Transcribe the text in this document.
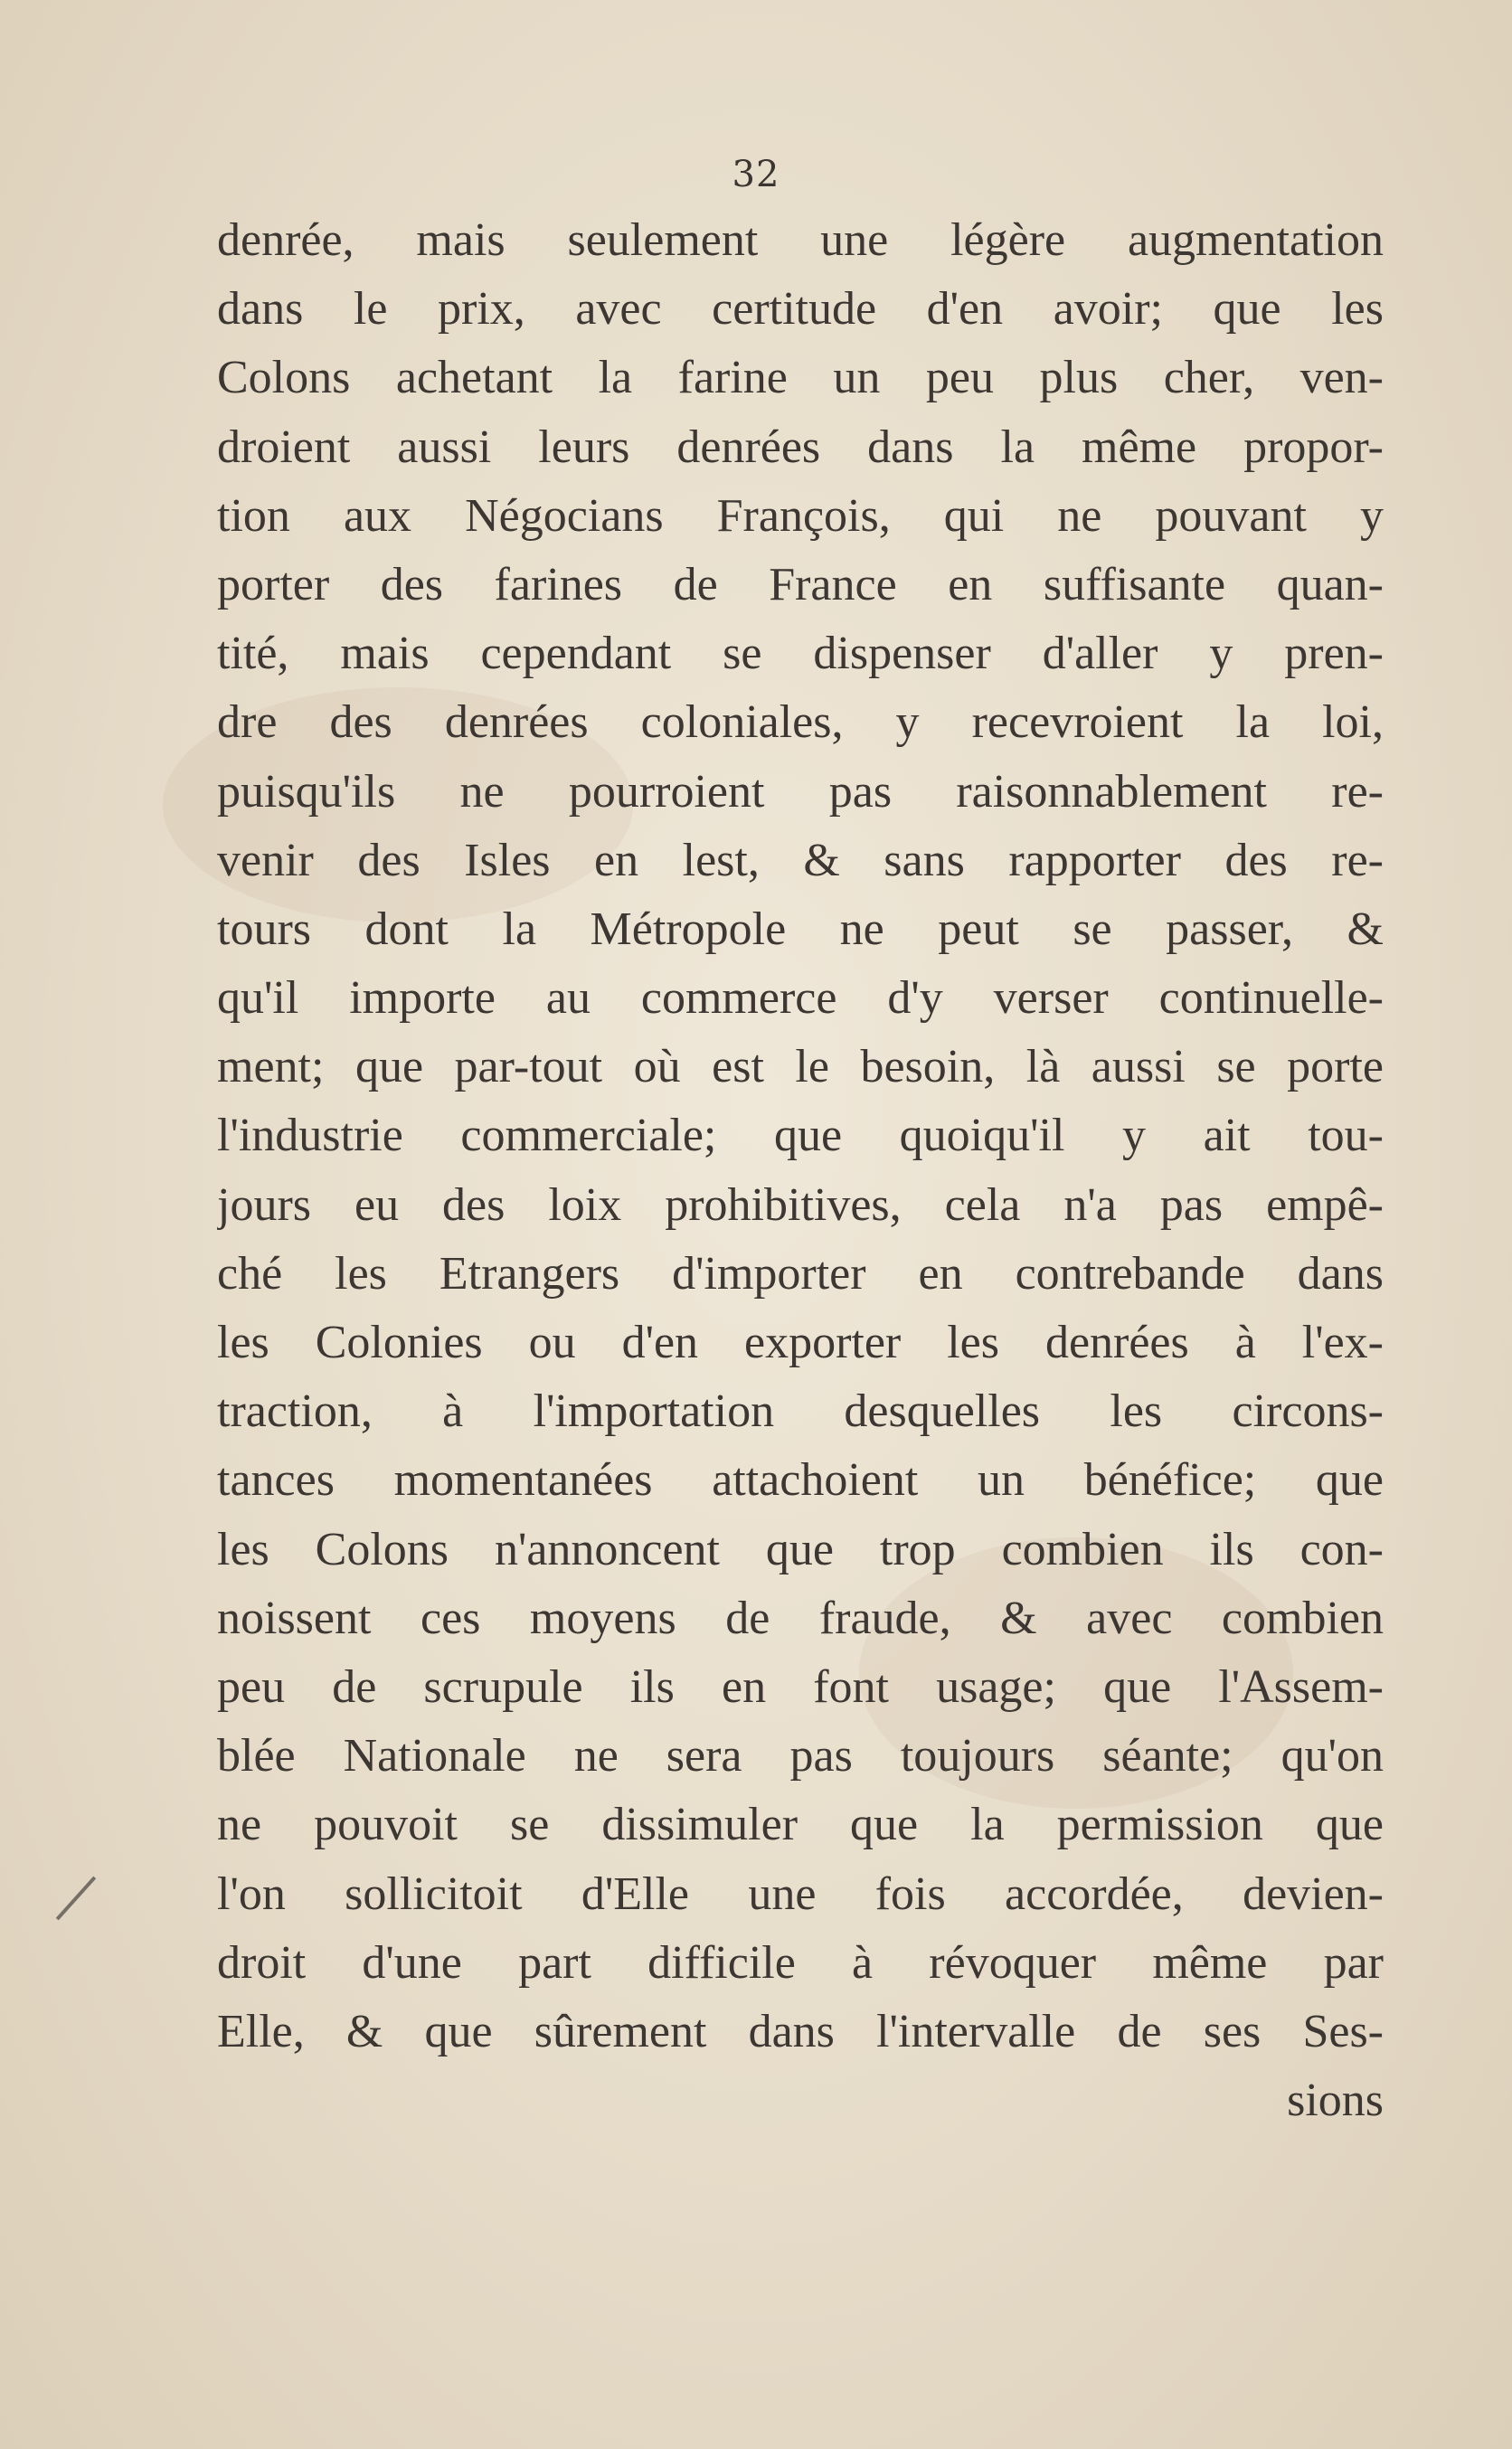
32
denrée, mais seulement une légère augmentation
dans le prix, avec certitude d'en avoir; que les
Colons achetant la farine un peu plus cher, ven-
droient aussi leurs denrées dans la même propor-
tion aux Négocians François, qui ne pouvant y
porter des farines de France en suffisante quan-
tité, mais cependant se dispenser d'aller y pren-
dre des denrées coloniales, y recevroient la loi,
puisqu'ils ne pourroient pas raisonnablement re-
venir des Isles en lest, & sans rapporter des re-
tours dont la Métropole ne peut se passer, &
qu'il importe au commerce d'y verser continuelle-
ment; que par-tout où est le besoin, là aussi se porte
l'industrie commerciale; que quoiqu'il y ait tou-
jours eu des loix prohibitives, cela n'a pas empê-
ché les Etrangers d'importer en contrebande dans
les Colonies ou d'en exporter les denrées à l'ex-
traction, à l'importation desquelles les circons-
tances momentanées attachoient un bénéfice; que
les Colons n'annoncent que trop combien ils con-
noissent ces moyens de fraude, & avec combien
peu de scrupule ils en font usage; que l'Assem-
blée Nationale ne sera pas toujours séante; qu'on
ne pouvoit se dissimuler que la permission que
l'on sollicitoit d'Elle une fois accordée, devien-
droit d'une part difficile à révoquer même par
Elle, & que sûrement dans l'intervalle de ses Ses-
sions
